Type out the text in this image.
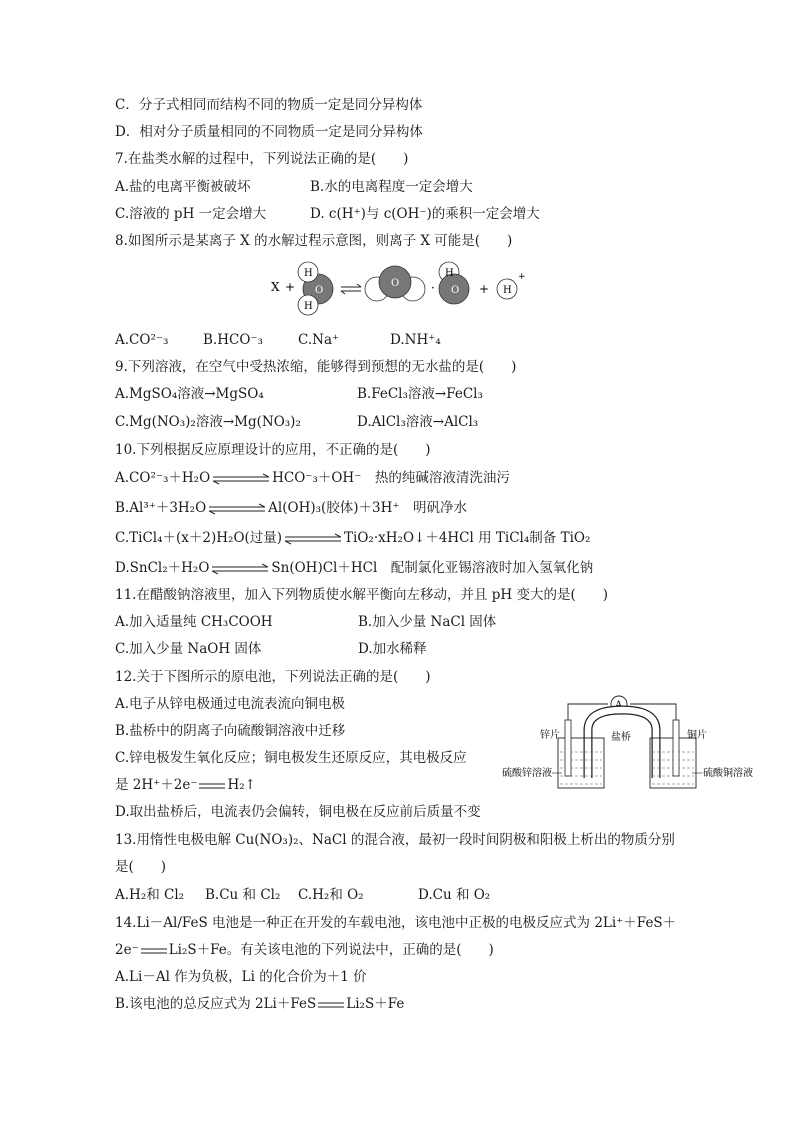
C．分子式相同而结构不同的物质一定是同分异构体
D．相对分子质量相同的不同物质一定是同分异构体
7.在盐类水解的过程中，下列说法正确的是(　　)
A.盐的电离平衡被破坏	B.水的电离程度一定会增大
C.溶液的 pH 一定会增大	D. c(H⁺)与 c(OH⁻)的乘积一定会增大
8.如图所示是某离子 X 的水解过程示意图，则离子 X 可能是(　　)
X +
H
H
O
O	·
H
O + H
+
A.CO²⁻₃	B.HCO⁻₃	C.Na⁺	D.NH⁺₄
9.下列溶液，在空气中受热浓缩，能够得到预想的无水盐的是(　　)
A.MgSO₄溶液→MgSO₄	B.FeCl₃溶液→FeCl₃
C.Mg(NO₃)₂溶液→Mg(NO₃)₂	D.AlCl₃溶液→AlCl₃
10.下列根据反应原理设计的应用，不正确的是(　　)
A.CO²⁻₃＋H₂O	HCO⁻₃＋OH⁻　热的纯碱溶液清洗油污
B.Al³⁺＋3H₂O	Al(OH)₃(胶体)＋3H⁺　明矾净水
C.TiCl₄＋(x＋2)H₂O(过量)	TiO₂·xH₂O↓＋4HCl 用 TiCl₄制备 TiO₂
D.SnCl₂＋H₂O	Sn(OH)Cl＋HCl　配制氯化亚锡溶液时加入氢氧化钠
11.在醋酸钠溶液里，加入下列物质使水解平衡向左移动，并且 pH 变大的是(　　)
A.加入适量纯 CH₃COOH	B.加入少量 NaCl 固体
C.加入少量 NaOH 固体	D.加水稀释
12.关于下图所示的原电池，下列说法正确的是(　　)
A.电子从锌电极通过电流表流向铜电极
B.盐桥中的阴离子向硫酸铜溶液中迁移
C.锌电极发生氧化反应；铜电极发生还原反应，其电极反应
是 2H⁺＋2e⁻ H₂↑
D.取出盐桥后，电流表仍会偏转，铜电极在反应前后质量不变
A
锌片	盐桥	铜片
硫酸锌溶液	硫酸铜溶液
13.用惰性电极电解 Cu(NO₃)₂、NaCl 的混合液，最初一段时间阴极和阳极上析出的物质分别
是(　　)
A.H₂和 Cl₂ B.Cu 和 Cl₂ C.H₂和 O₂	D.Cu 和 O₂
14.Li－Al/FeS 电池是一种正在开发的车载电池，该电池中正极的电极反应式为 2Li⁺＋FeS＋
2e⁻ Li₂S＋Fe。有关该电池的下列说法中，正确的是(　　)
A.Li－Al 作为负极，Li 的化合价为＋1 价
B.该电池的总反应式为 2Li＋FeS Li₂S＋Fe
